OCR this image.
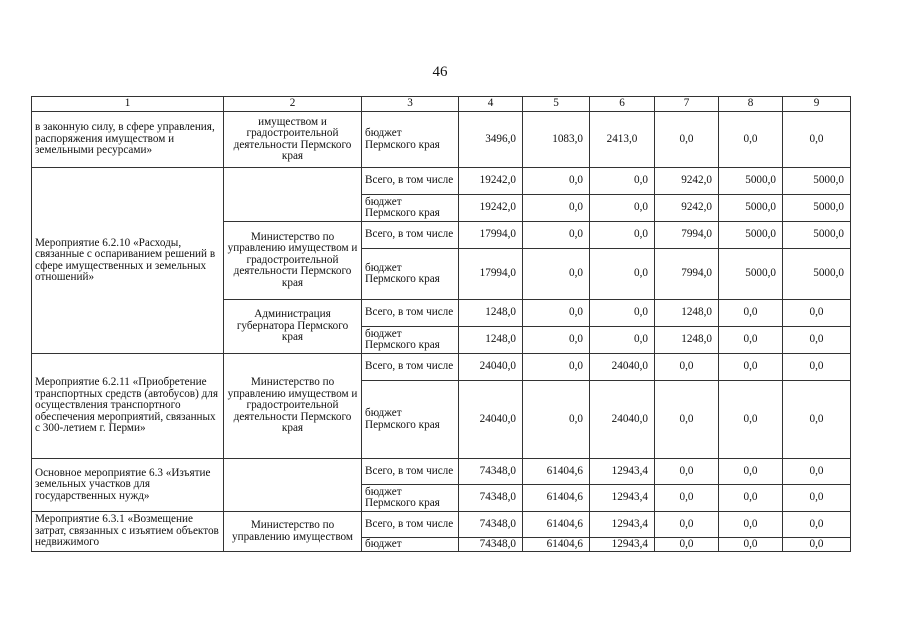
46
1	2	3	4	5	6	7	8	9
в законную силу, в сфере управления, распоряжения имуществом и земельными ресурсами»	имуществом и градостроительной деятельности Пермского края	бюджет Пермского края	3496,0	1083,0	2413,0	0,0	0,0	0,0
Мероприятие 6.2.10 «Расходы, связанные с оспариванием решений в сфере имущественных и земельных отношений»		Всего, в том числе	19242,0	0,0	0,0	9242,0	5000,0	5000,0
		бюджет Пермского края	19242,0	0,0	0,0	9242,0	5000,0	5000,0
	Министерство по управлению имуществом и градостроительной деятельности Пермского края	Всего, в том числе	17994,0	0,0	0,0	7994,0	5000,0	5000,0
		бюджет Пермского края	17994,0	0,0	0,0	7994,0	5000,0	5000,0
	Администрация губернатора Пермского края	Всего, в том числе	1248,0	0,0	0,0	1248,0	0,0	0,0
		бюджет Пермского края	1248,0	0,0	0,0	1248,0	0,0	0,0
Мероприятие 6.2.11 «Приобретение транспортных средств (автобусов) для осуществления транспортного обеспечения мероприятий, связанных с 300-летием г. Перми»	Министерство по управлению имуществом и градостроительной деятельности Пермского края	Всего, в том числе	24040,0	0,0	24040,0	0,0	0,0	0,0
		бюджет Пермского края	24040,0	0,0	24040,0	0,0	0,0	0,0
Основное мероприятие 6.3 «Изъятие земельных участков для государственных нужд»		Всего, в том числе	74348,0	61404,6	12943,4	0,0	0,0	0,0
		бюджет Пермского края	74348,0	61404,6	12943,4	0,0	0,0	0,0
Мероприятие 6.3.1 «Возмещение затрат, связанных с изъятием объектов недвижимого	Министерство по управлению имуществом	Всего, в том числе	74348,0	61404,6	12943,4	0,0	0,0	0,0
		бюджет	74348,0	61404,6	12943,4	0,0	0,0	0,0
